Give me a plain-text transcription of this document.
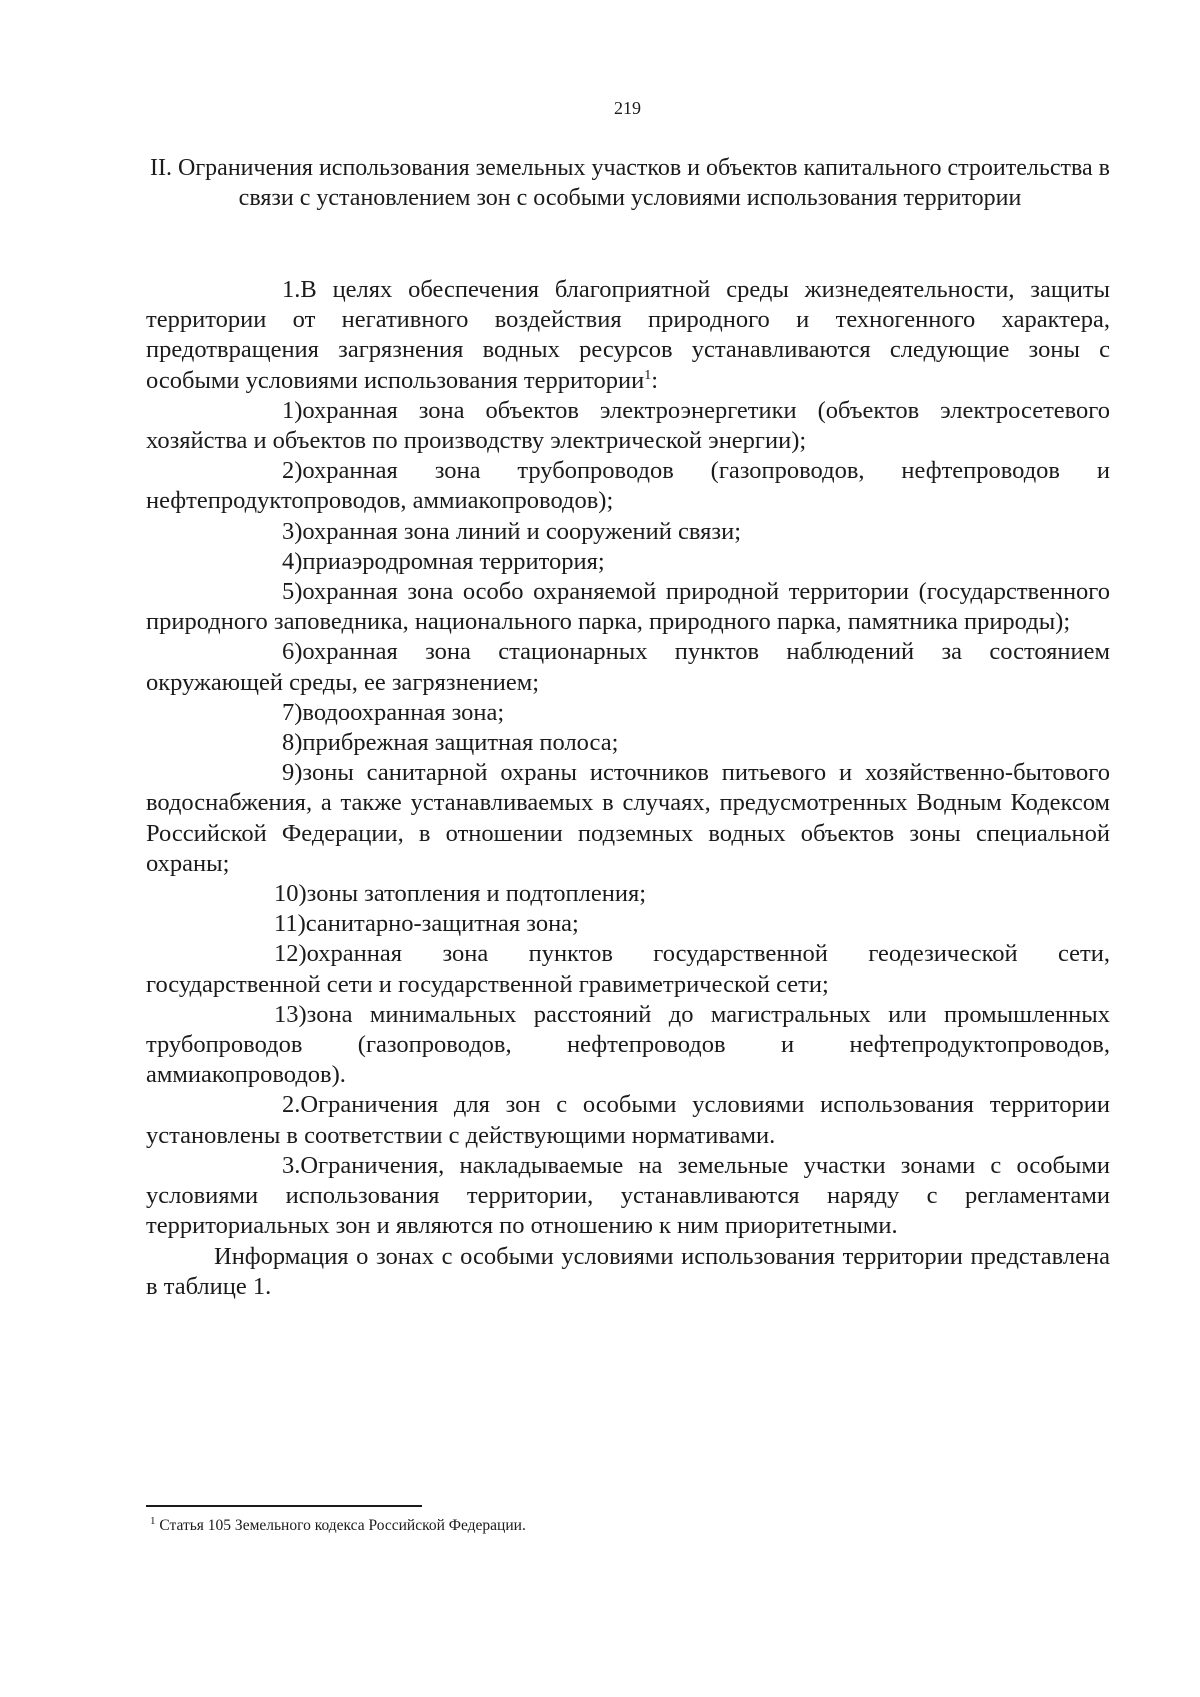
219
II. Ограничения использования земельных участков и объектов капитального строительства в связи с установлением зон с особыми условиями использования территории

1.В целях обеспечения благоприятной среды жизнедеятельности, защиты территории от негативного воздействия природного и техногенного характера, предотвращения загрязнения водных ресурсов устанавливаются следующие зоны с особыми условиями использования территории$^1$:

1)охранная зона объектов электроэнергетики (объектов электросетевого хозяйства и объектов по производству электрической энергии);

2)охранная зона трубопроводов (газопроводов, нефтепроводов и нефтепродуктопроводов, аммиакопроводов);

3)охранная зона линий и сооружений связи;

4)приаэродромная территория;

5)охранная зона особо охраняемой природной территории (государственного природного заповедника, национального парка, природного парка, памятника природы);

6)охранная зона стационарных пунктов наблюдений за состоянием окружающей среды, ее загрязнением;

7)водоохранная зона;

8)прибрежная защитная полоса;

9)зоны санитарной охраны источников питьевого и хозяйственно-бытового водоснабжения, а также устанавливаемых в случаях, предусмотренных Водным Кодексом Российской Федерации, в отношении подземных водных объектов зоны специальной охраны;

10)зоны затопления и подтопления;

11)санитарно-защитная зона;

12)охранная зона пунктов государственной геодезической сети, государственной сети и государственной гравиметрической сети;

13)зона минимальных расстояний до магистральных или промышленных трубопроводов (газопроводов, нефтепроводов и нефтепродуктопроводов, аммиакопроводов).

2.Ограничения для зон с особыми условиями использования территории установлены в соответствии с действующими нормативами.

3.Ограничения, накладываемые на земельные участки зонами с особыми условиями использования территории, устанавливаются наряду с регламентами территориальных зон и являются по отношению к ним приоритетными.

Информация о зонах с особыми условиями использования территории представлена в таблице 1.

$^1$ Статья 105 Земельного кодекса Российской Федерации.
